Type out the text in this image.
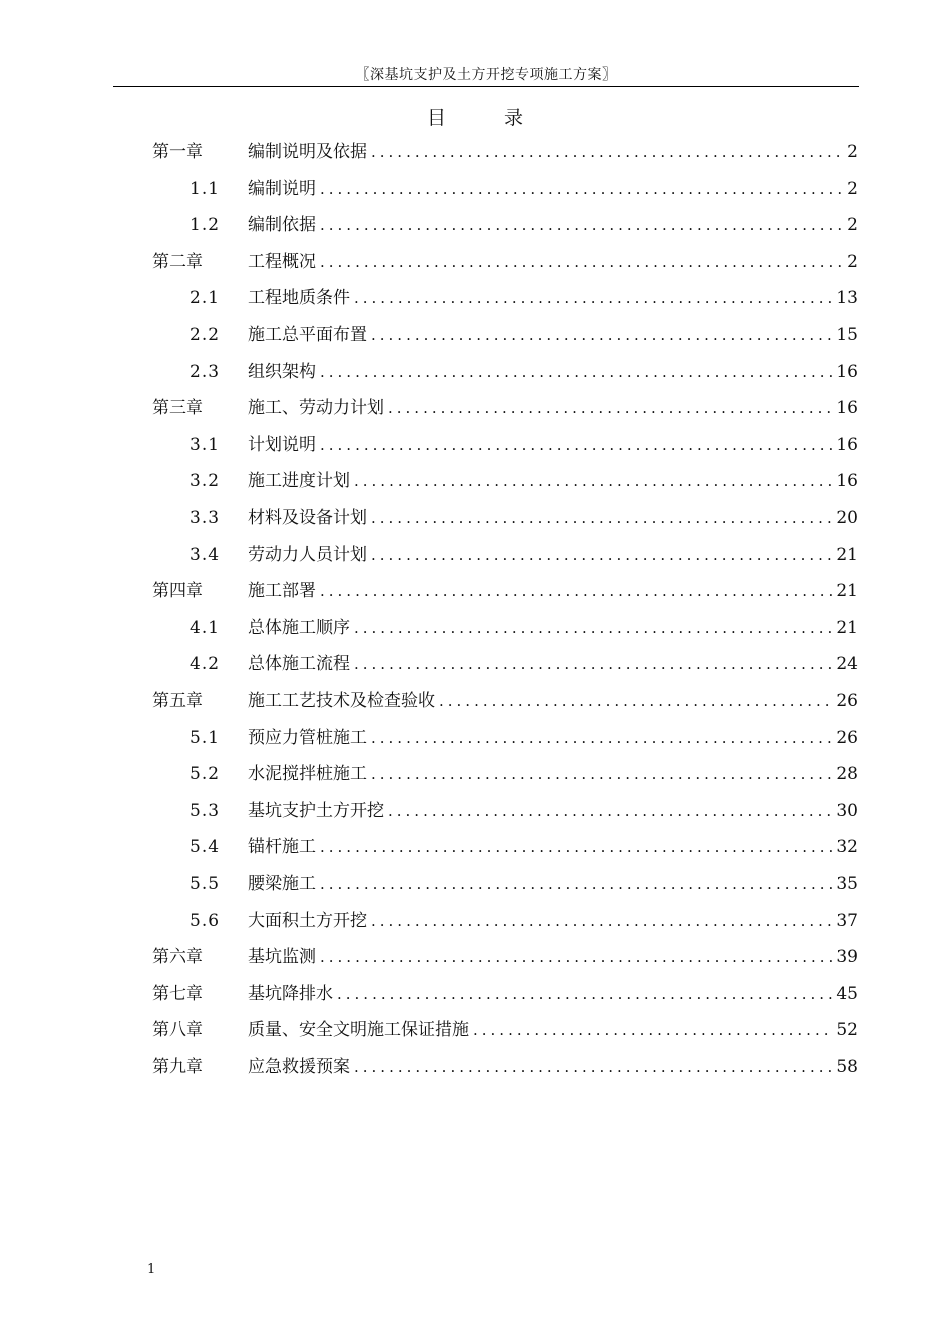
〖深基坑支护及土方开挖专项施工方案〗
目	录
第一章	编制说明及依据 .....	2
1.1 编制说明 .....	2
1.2 编制依据 .....	2
第二章	工程概况 .....	2
2.1 工程地质条件 .....	13
2.2 施工总平面布置 .....	15
2.3 组织架构 .....	16
第三章	施工、劳动力计划 .....	16
3.1 计划说明 .....	16
3.2 施工进度计划 .....	16
3.3 材料及设备计划 .....	20
3.4 劳动力人员计划 .....	21
第四章	施工部署 .....	21
4.1 总体施工顺序 .....	21
4.2 总体施工流程 .....	24
第五章	施工工艺技术及检查验收 .....	26
5.1 预应力管桩施工 .....	26
5.2 水泥搅拌桩施工 .....	28
5.3 基坑支护土方开挖 .....	30
5.4 锚杆施工 .....	32
5.5 腰梁施工 .....	35
5.6 大面积土方开挖 .....	37
第六章	基坑监测 .....	39
第七章	基坑降排水 .....	45
第八章	质量、安全文明施工保证措施 .....	52
第九章	应急救援预案 .....	58
1
